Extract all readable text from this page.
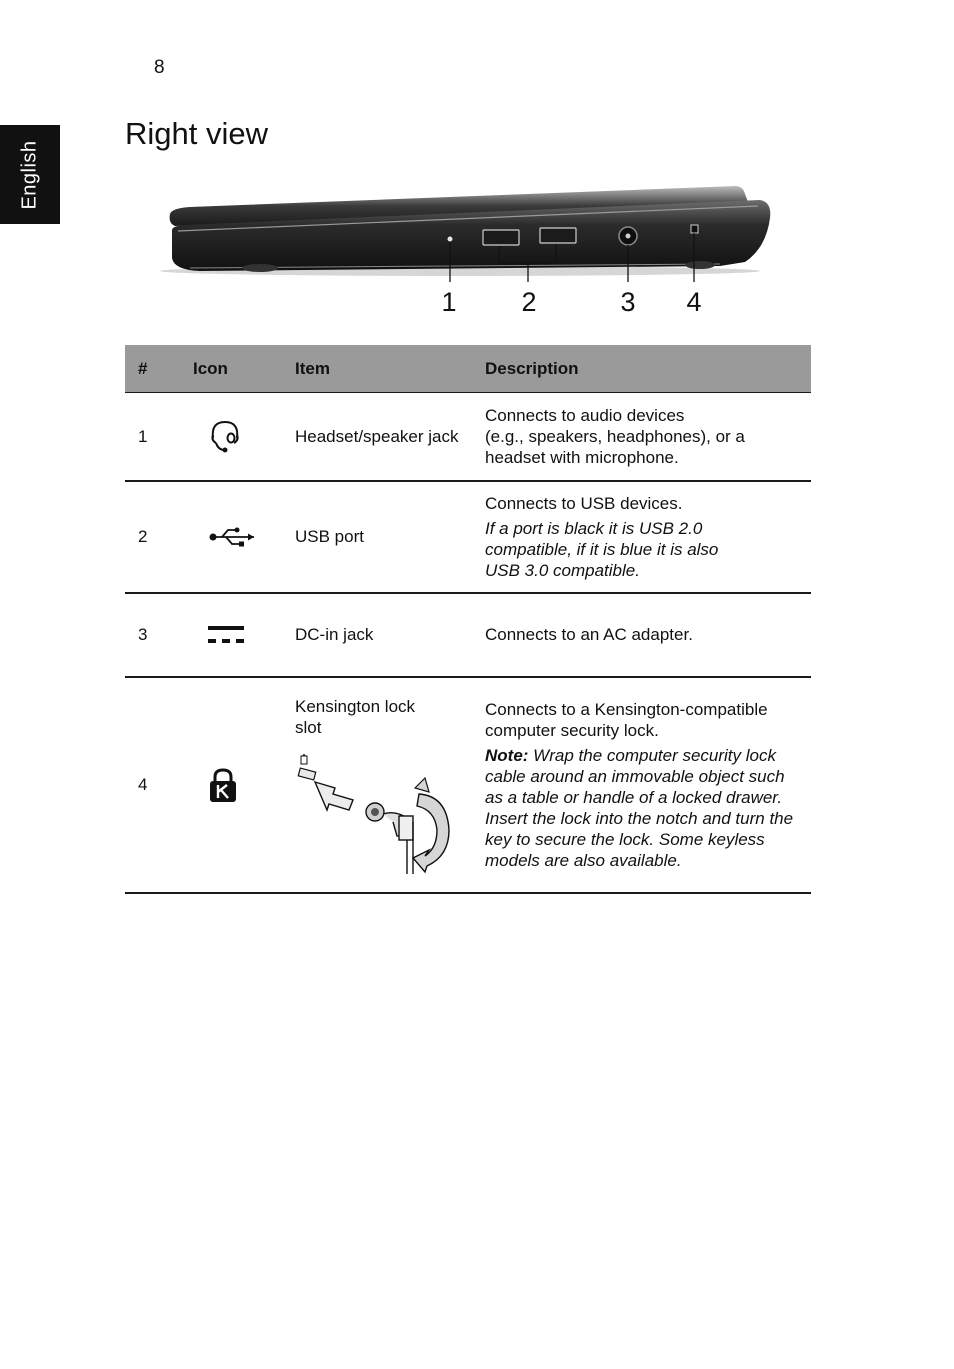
8
English
Right view
1 2	3 4
#	Icon	Item	Description
1		Headset/speaker jack	Connects to audio devices
(e.g., speakers, headphones), or a
headset with microphone.

2		USB port	Connects to USB devices.

If a port is black it is USB 2.0
compatible, if it is blue it is also
USB 3.0 compatible.

3		DC-in jack	Connects to an AC adapter.
4		Kensington lock slot	Connects to a Kensington-compatible
computer security lock.

Note: Wrap the computer security lock cable around an immovable object such as a table or handle of a locked drawer. Insert the lock into the notch and turn the key to secure the lock. Some keyless models are also available.
